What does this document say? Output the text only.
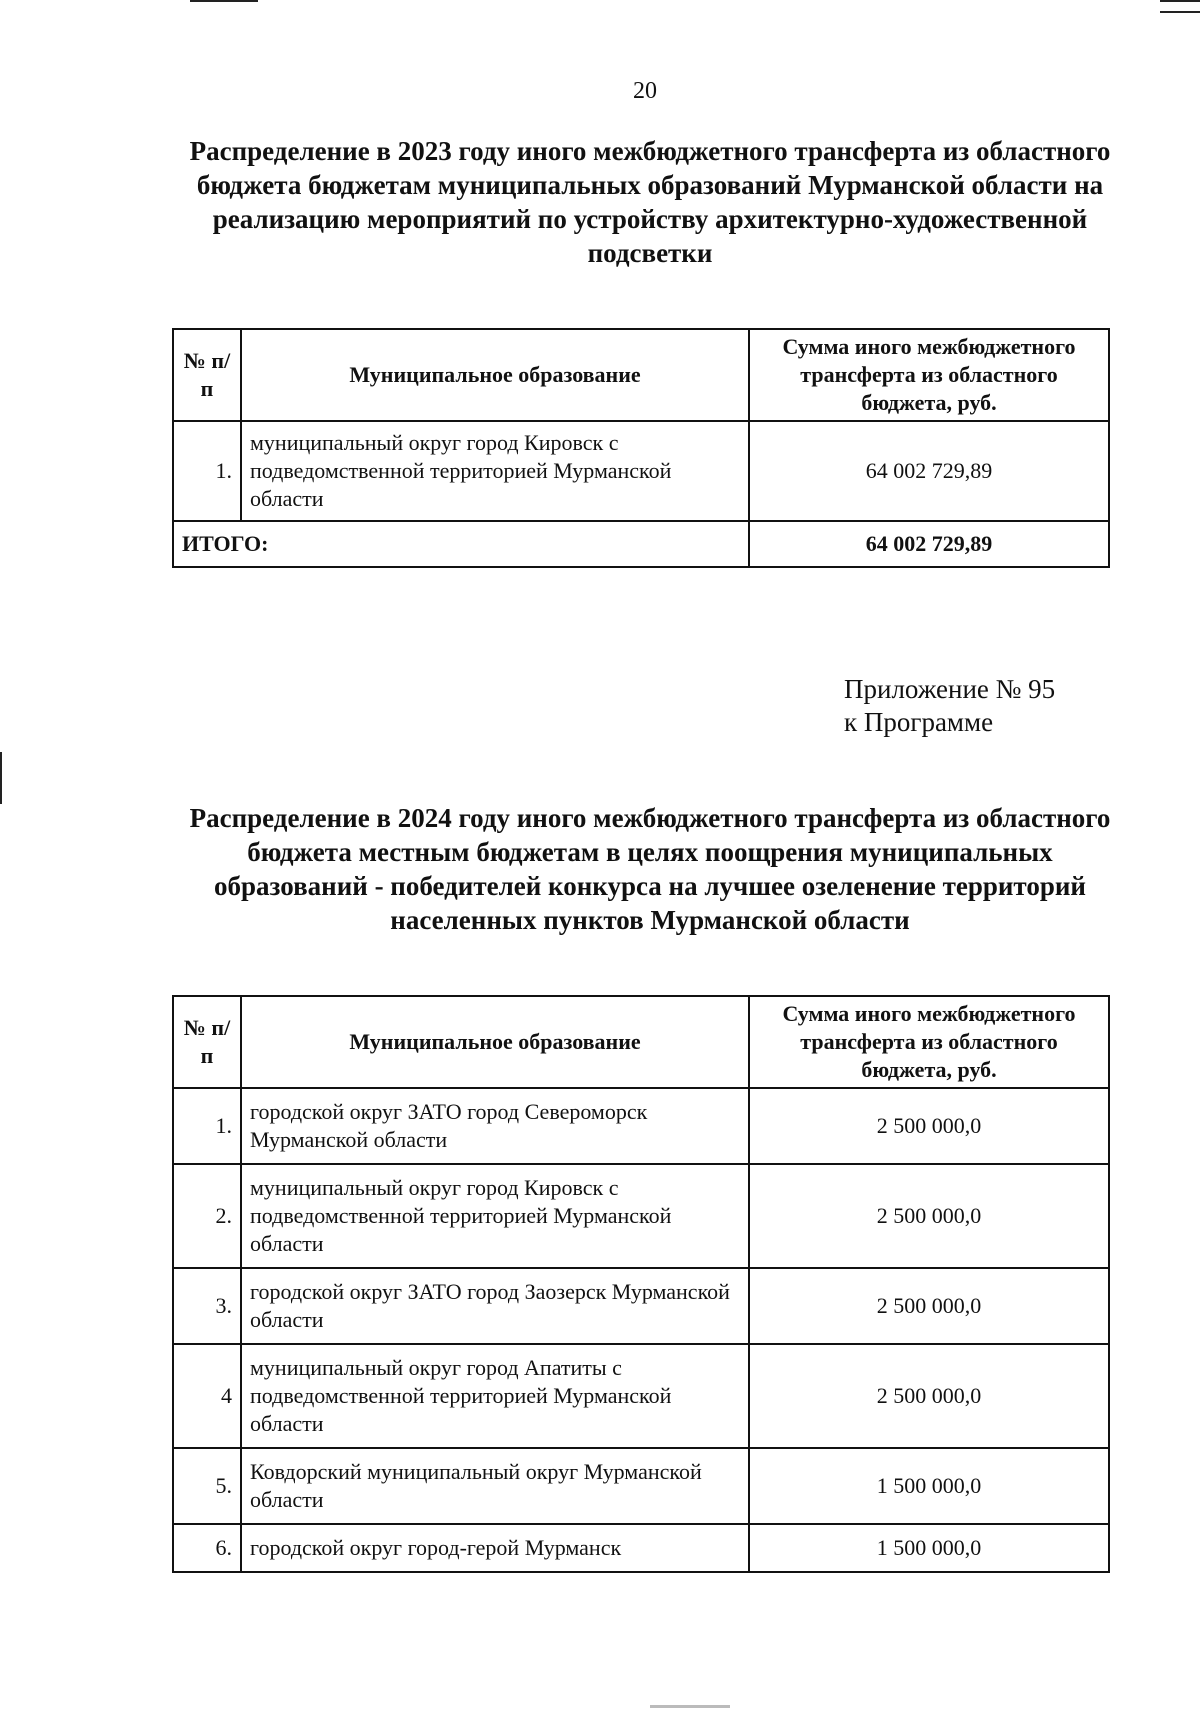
20
Распределение в 2023 году иного межбюджетного трансферта из областного бюджета бюджетам муниципальных образований Мурманской области на реализацию мероприятий по устройству архитектурно-художественной подсветки
№ п/п	Муниципальное образование	Сумма иного межбюджетного трансферта из областного бюджета, руб.
1.	муниципальный округ город Кировск с подведомственной территорией Мурманской области	64 002 729,89
ИТОГО:		64 002 729,89
Приложение № 95
к Программе
Распределение в 2024 году иного межбюджетного трансферта из областного бюджета местным бюджетам в целях поощрения муниципальных образований - победителей конкурса на лучшее озеленение территорий населенных пунктов Мурманской области
№ п/п	Муниципальное образование	Сумма иного межбюджетного трансферта из областного бюджета, руб.
1.	городской округ ЗАТО город Североморск Мурманской области	2 500 000,0
2.	муниципальный округ город Кировск с подведомственной территорией Мурманской области	2 500 000,0
3.	городской округ ЗАТО город Заозерск Мурманской области	2 500 000,0
4	муниципальный округ город Апатиты с подведомственной территорией Мурманской области	2 500 000,0
5.	Ковдорский муниципальный округ Мурманской области	1 500 000,0
6.	городской округ город-герой Мурманск	1 500 000,0
